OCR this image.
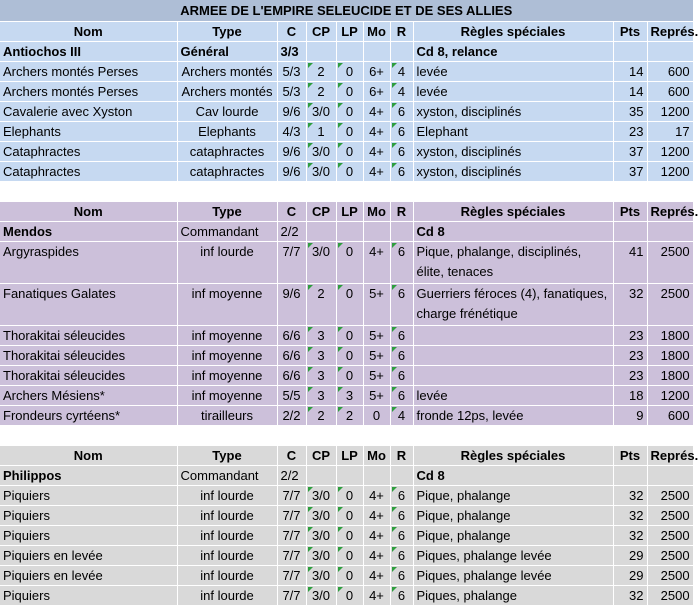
ARMEE DE L'EMPIRE SELEUCIDE ET DE SES ALLIES									
Nom	Type	C	CP	LP	Mo	R	Règles spéciales	Pts	Représ.
Antiochos III	Général	3/3					Cd 8, relance		
Archers montés Perses	Archers montés	5/3	2	0	6+	4	levée	14	600
Archers montés Perses	Archers montés	5/3	2	0	6+	4	levée	14	600
Cavalerie avec Xyston	Cav lourde	9/6	3/0	0	4+	6	xyston, disciplinés	35	1200
Elephants	Elephants	4/3	1	0	4+	6	Elephant	23	17
Cataphractes	cataphractes	9/6	3/0	0	4+	6	xyston, disciplinés	37	1200
Cataphractes	cataphractes	9/6	3/0	0	4+	6	xyston, disciplinés	37	1200

Nom	Type	C	CP	LP	Mo	R	Règles spéciales	Pts	Représ.
Mendos	Commandant	2/2					Cd 8		
Argyraspides	inf lourde	7/7	3/0	0	4+	6	Pique, phalange, disciplinés, élite, tenaces	41	2500
Fanatiques Galates	inf moyenne	9/6	2	0	5+	6	Guerriers féroces (4), fanatiques, charge frénétique	32	2500
Thorakitai séleucides	inf moyenne	6/6	3	0	5+	6		23	1800
Thorakitai séleucides	inf moyenne	6/6	3	0	5+	6		23	1800
Thorakitai séleucides	inf moyenne	6/6	3	0	5+	6		23	1800
Archers Mésiens*	inf moyenne	5/5	3	3	5+	6	levée	18	1200
Frondeurs cyrtéens*	tirailleurs	2/2	2	2	0	4	fronde 12ps, levée	9	600

Nom	Type	C	CP	LP	Mo	R	Règles spéciales	Pts	Représ.
Philippos	Commandant	2/2					Cd 8		
Piquiers	inf lourde	7/7	3/0	0	4+	6	Pique, phalange	32	2500
Piquiers	inf lourde	7/7	3/0	0	4+	6	Pique, phalange	32	2500
Piquiers	inf lourde	7/7	3/0	0	4+	6	Pique, phalange	32	2500
Piquiers en levée	inf lourde	7/7	3/0	0	4+	6	Piques, phalange levée	29	2500
Piquiers en levée	inf lourde	7/7	3/0	0	4+	6	Piques, phalange levée	29	2500
Piquiers	inf lourde	7/7	3/0	0	4+	6	Piques, phalange	32	2500
